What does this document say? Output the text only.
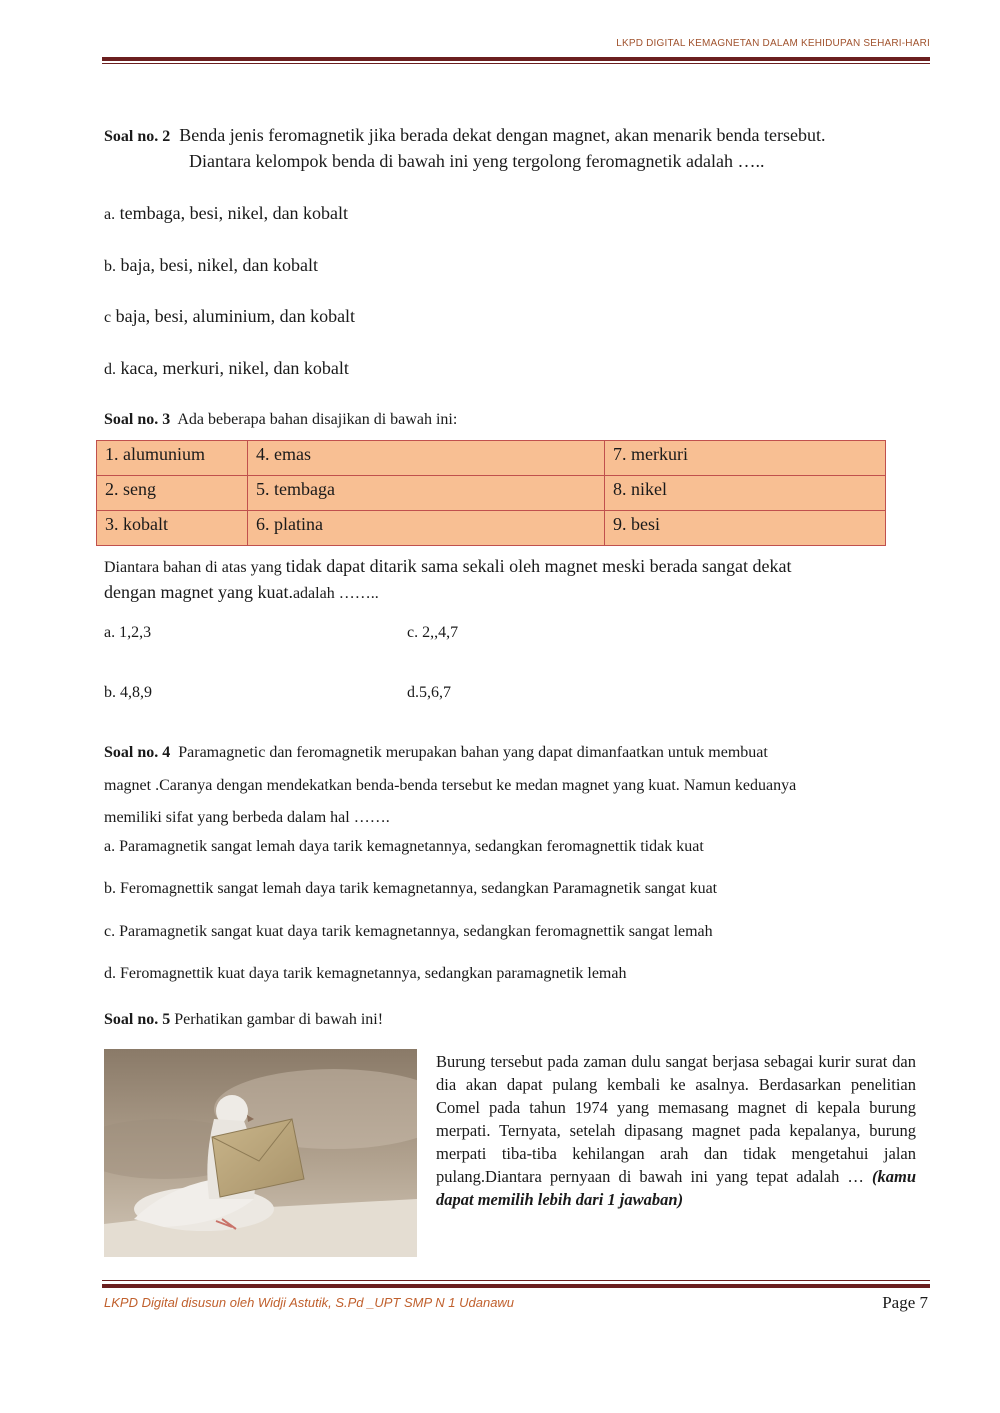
LKPD DIGITAL KEMAGNETAN DALAM KEHIDUPAN SEHARI-HARI
Soal no. 2 Benda jenis feromagnetik jika berada dekat dengan magnet, akan menarik benda tersebut.
Diantara kelompok benda di bawah ini yeng tergolong feromagnetik adalah …..
a. tembaga, besi, nikel, dan kobalt
b. baja, besi, nikel, dan kobalt
c baja, besi, aluminium, dan kobalt
d. kaca, merkuri, nikel, dan kobalt
Soal no. 3 Ada beberapa bahan disajikan di bawah ini:
1. alumunium	4. emas	7. merkuri
2. seng	5. tembaga	8. nikel
3. kobalt	6. platina	9. besi
Diantara bahan di atas yang tidak dapat ditarik sama sekali oleh magnet meski berada sangat dekat
dengan magnet yang kuat.adalah ……..
a. 1,2,3	c. 2,,4,7
b. 4,8,9	d.5,6,7
Soal no. 4 Paramagnetic dan feromagnetik merupakan bahan yang dapat dimanfaatkan untuk membuat
magnet .Caranya dengan mendekatkan benda-benda tersebut ke medan magnet yang kuat. Namun keduanya
memiliki sifat yang berbeda dalam hal …….
a. Paramagnetik sangat lemah daya tarik kemagnetannya, sedangkan feromagnettik tidak kuat
b. Feromagnettik sangat lemah daya tarik kemagnetannya, sedangkan Paramagnetik sangat kuat
c. Paramagnetik sangat kuat daya tarik kemagnetannya, sedangkan feromagnettik sangat lemah
d. Feromagnettik kuat daya tarik kemagnetannya, sedangkan paramagnetik lemah
Soal no. 5 Perhatikan gambar di bawah ini!
Burung tersebut pada zaman dulu sangat berjasa sebagai kurir surat dan dia akan dapat pulang kembali ke asalnya. Berdasarkan penelitian Comel pada tahun 1974 yang memasang magnet di kepala burung merpati. Ternyata, setelah dipasang magnet pada kepalanya, burung merpati tiba-tiba kehilangan arah dan tidak mengetahui jalan pulang.Diantara pernyaan di bawah ini yang tepat adalah … (kamu dapat memilih lebih dari 1 jawaban)
LKPD Digital disusun oleh Widji Astutik, S.Pd _UPT SMP N 1 Udanawu	Page 7
